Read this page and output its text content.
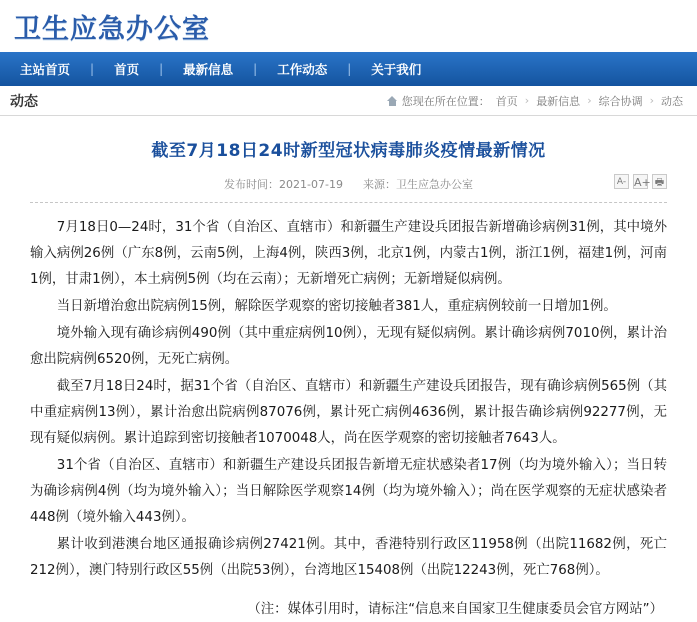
卫生应急办公室
主站首页	|	首页	|	最新信息	|	工作动态	|	关于我们
动态	您现在所在位置： 首页 › 最新信息 › 综合协调 › 动态
截至7月18日24时新型冠状病毒肺炎疫情最新情况
发布时间：2021-07-19	来源：卫生应急办公室	A- A+ 🖶

7月18日0—24时，31个省（自治区、直辖市）和新疆生产建设兵团报告新增确诊病例31例，其中境外输入病例26例（广东8例，云南5例，上海4例，陕西3例，北京1例，内蒙古1例，浙江1例，福建1例，河南1例，甘肃1例），本土病例5例（均在云南）；无新增死亡病例；无新增疑似病例。

当日新增治愈出院病例15例，解除医学观察的密切接触者381人，重症病例较前一日增加1例。

境外输入现有确诊病例490例（其中重症病例10例），无现有疑似病例。累计确诊病例7010例，累计治愈出院病例6520例，无死亡病例。

截至7月18日24时，据31个省（自治区、直辖市）和新疆生产建设兵团报告，现有确诊病例565例（其中重症病例13例），累计治愈出院病例87076例，累计死亡病例4636例，累计报告确诊病例92277例，无现有疑似病例。累计追踪到密切接触者1070048人，尚在医学观察的密切接触者7643人。

31个省（自治区、直辖市）和新疆生产建设兵团报告新增无症状感染者17例（均为境外输入）；当日转为确诊病例4例（均为境外输入）；当日解除医学观察14例（均为境外输入）；尚在医学观察的无症状感染者448例（境外输入443例）。

累计收到港澳台地区通报确诊病例27421例。其中，香港特别行政区11958例（出院11682例，死亡212例），澳门特别行政区55例（出院53例），台湾地区15408例（出院12243例，死亡768例）。

（注：媒体引用时，请标注“信息来自国家卫生健康委员会官方网站”）
